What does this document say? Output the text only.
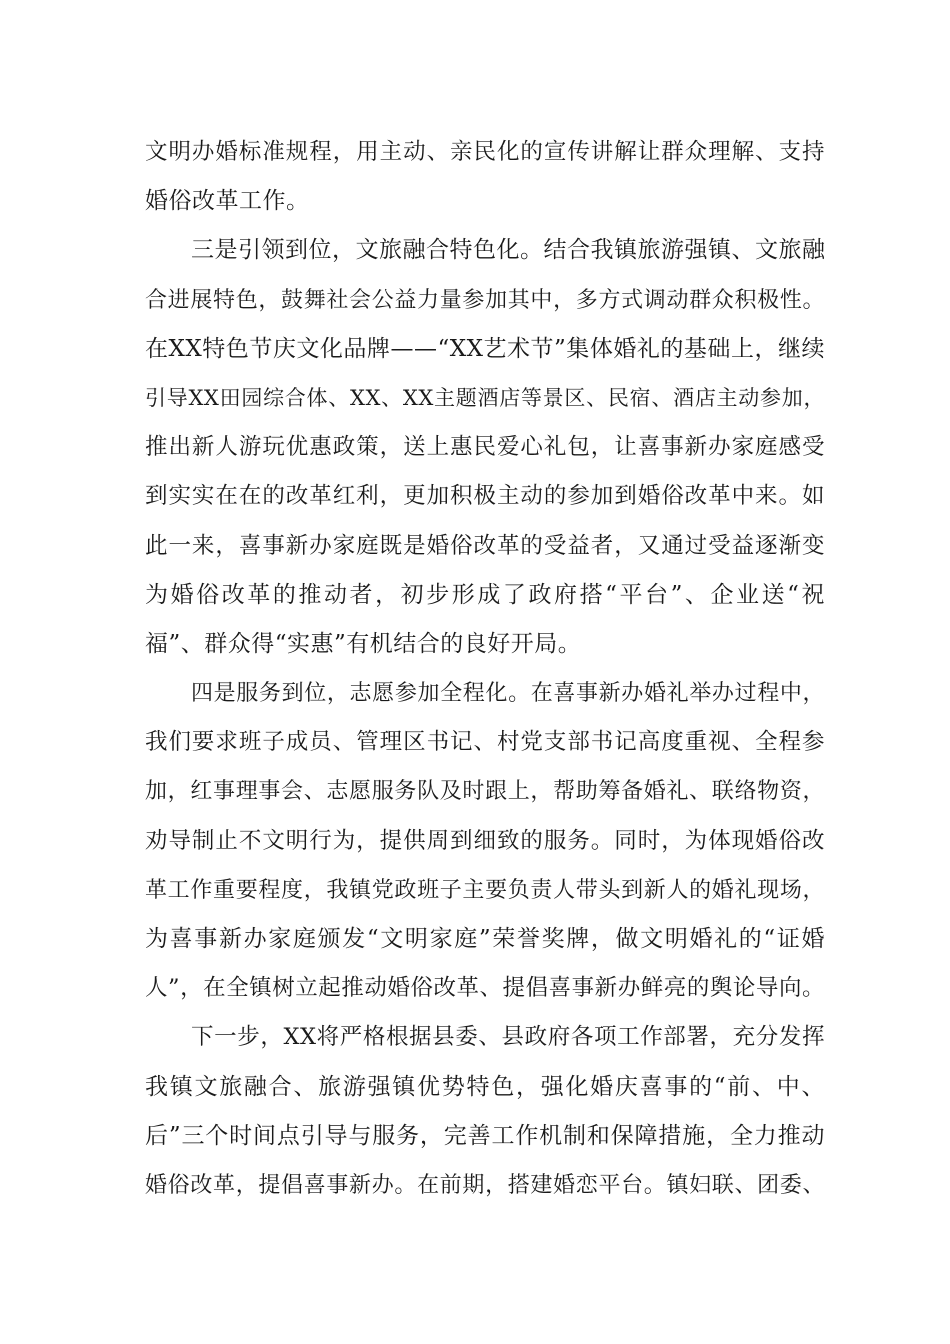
文明办婚标准规程，用主动、亲民化的宣传讲解让群众理解、支持
婚俗改革工作。
三是引领到位，文旅融合特色化。结合我镇旅游强镇、文旅融
合进展特色，鼓舞社会公益力量参加其中，多方式调动群众积极性。
在XX特色节庆文化品牌——“XX艺术节”集体婚礼的基础上，继续
引导XX田园综合体、XX、XX主题酒店等景区、民宿、酒店主动参加，
推出新人游玩优惠政策，送上惠民爱心礼包，让喜事新办家庭感受
到实实在在的改革红利，更加积极主动的参加到婚俗改革中来。如
此一来，喜事新办家庭既是婚俗改革的受益者，又通过受益逐渐变
为婚俗改革的推动者，初步形成了政府搭“平台”、企业送“祝
福”、群众得“实惠”有机结合的良好开局。
四是服务到位，志愿参加全程化。在喜事新办婚礼举办过程中，
我们要求班子成员、管理区书记、村党支部书记高度重视、全程参
加，红事理事会、志愿服务队及时跟上，帮助筹备婚礼、联络物资，
劝导制止不文明行为，提供周到细致的服务。同时，为体现婚俗改
革工作重要程度，我镇党政班子主要负责人带头到新人的婚礼现场，
为喜事新办家庭颁发“文明家庭”荣誉奖牌，做文明婚礼的“证婚
人”，在全镇树立起推动婚俗改革、提倡喜事新办鲜亮的舆论导向。
下一步，XX将严格根据县委、县政府各项工作部署，充分发挥
我镇文旅融合、旅游强镇优势特色，强化婚庆喜事的“前、中、
后”三个时间点引导与服务，完善工作机制和保障措施，全力推动
婚俗改革，提倡喜事新办。在前期，搭建婚恋平台。镇妇联、团委、
